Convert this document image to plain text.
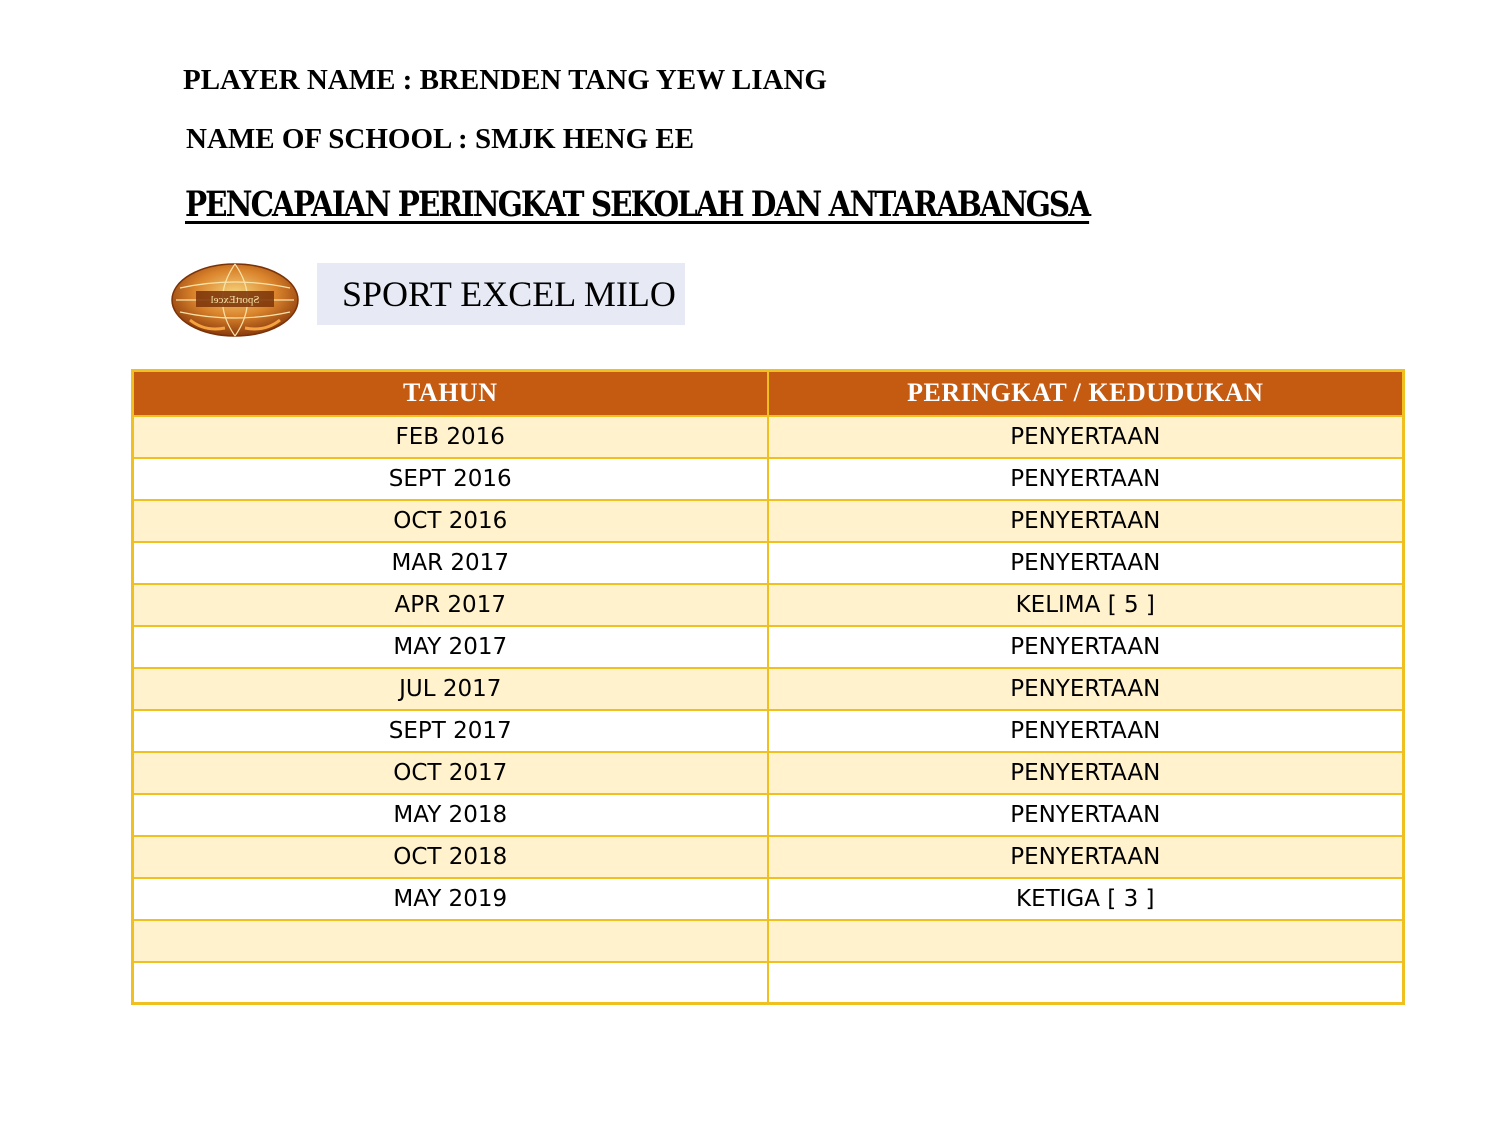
PLAYER NAME : BRENDEN TANG YEW LIANG
NAME OF SCHOOL : SMJK HENG EE
PENCAPAIAN PERINGKAT SEKOLAH DAN ANTARABANGSA
SportExcel SPORT EXCEL MILO
TAHUN	PERINGKAT / KEDUDUKAN
FEB 2016	PENYERTAAN
SEPT 2016	PENYERTAAN
OCT 2016	PENYERTAAN
MAR 2017	PENYERTAAN
APR 2017	KELIMA [ 5 ]
MAY 2017	PENYERTAAN
JUL 2017	PENYERTAAN
SEPT 2017	PENYERTAAN
OCT 2017	PENYERTAAN
MAY 2018	PENYERTAAN
OCT 2018	PENYERTAAN
MAY 2019	KETIGA [ 3 ]
